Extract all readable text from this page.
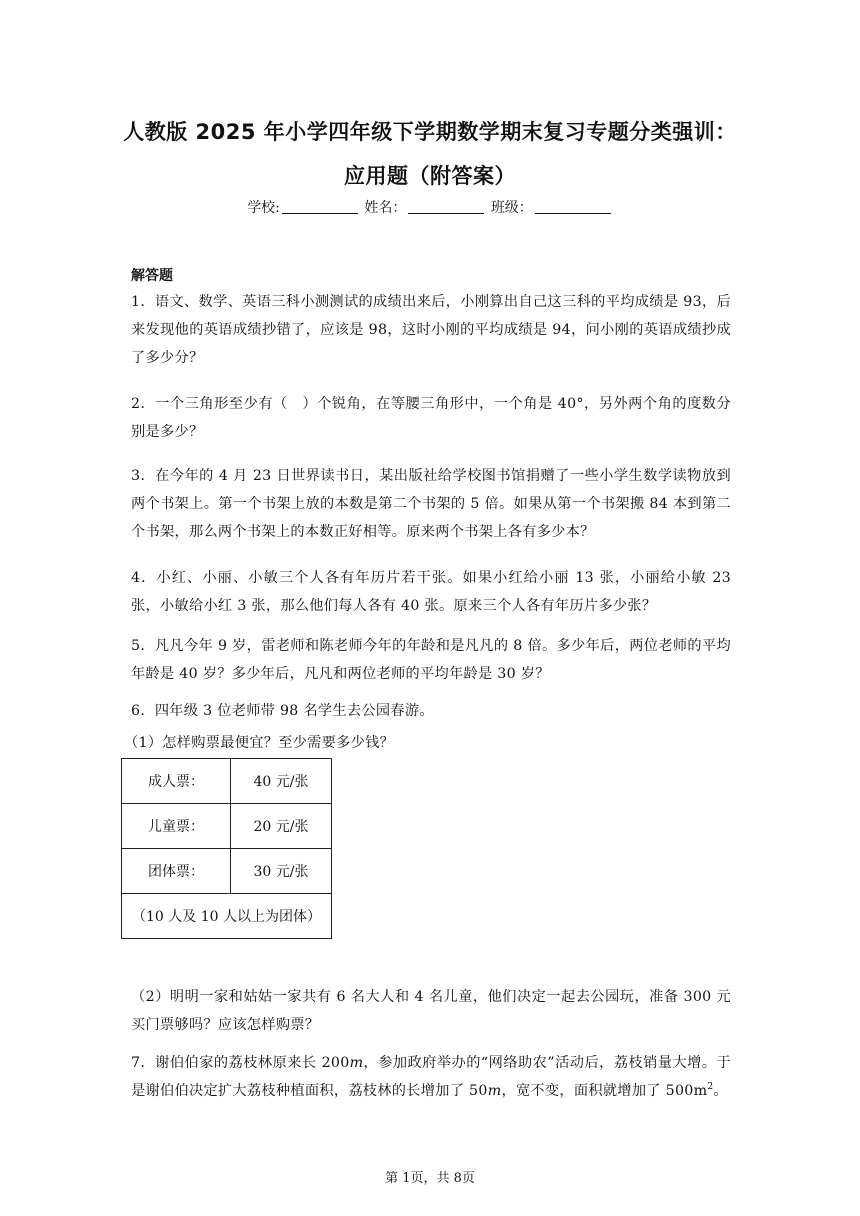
人教版 2025 年小学四年级下学期数学期末复习专题分类强训：
应用题（附答案）
学校:	姓名：	班级：
解答题
1．语文、数学、英语三科小测测试的成绩出来后，小刚算出自己这三科的平均成绩是 93，后来发现他的英语成绩抄错了，应该是 98，这时小刚的平均成绩是 94，问小刚的英语成绩抄成了多少分？
2．一个三角形至少有（　）个锐角，在等腰三角形中，一个角是 40°，另外两个角的度数分别是多少？
3．在今年的 4 月 23 日世界读书日，某出版社给学校图书馆捐赠了一些小学生数学读物放到两个书架上。第一个书架上放的本数是第二个书架的 5 倍。如果从第一个书架搬 84 本到第二个书架，那么两个书架上的本数正好相等。原来两个书架上各有多少本？
4．小红、小丽、小敏三个人各有年历片若干张。如果小红给小丽 13 张，小丽给小敏 23 张，小敏给小红 3 张，那么他们每人各有 40 张。原来三个人各有年历片多少张？
5．凡凡今年 9 岁，雷老师和陈老师今年的年龄和是凡凡的 8 倍。多少年后，两位老师的平均年龄是 40 岁？多少年后，凡凡和两位老师的平均年龄是 30 岁？
6．四年级 3 位老师带 98 名学生去公园春游。
（1）怎样购票最便宜？至少需要多少钱？
成人票：	40 元/张
儿童票：	20 元/张
团体票：	30 元/张
（10 人及 10 人以上为团体）	
（2）明明一家和姑姑一家共有 6 名大人和 4 名儿童，他们决定一起去公园玩，准备 300 元买门票够吗？应该怎样购票？
7．谢伯伯家的荔枝林原来长 200m，参加政府举办的“网络助农”活动后，荔枝销量大增。于是谢伯伯决定扩大荔枝种植面积，荔枝林的长增加了 50m，宽不变，面积就增加了 $500m^2$。
第 1页，共 8页
